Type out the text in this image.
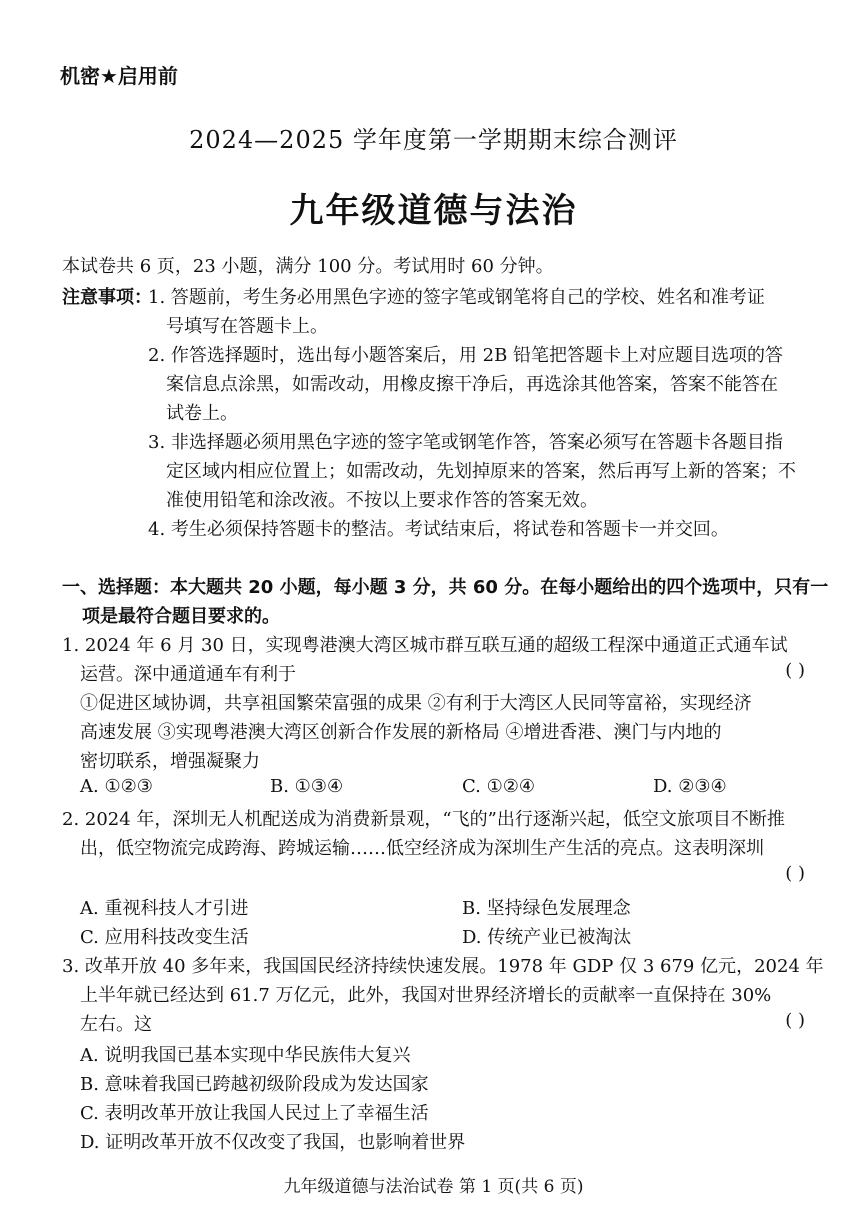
机密★启用前
2024—2025 学年度第一学期期末综合测评
九年级道德与法治
本试卷共 6 页，23 小题，满分 100 分。考试用时 60 分钟。
注意事项：
1. 答题前，考生务必用黑色字迹的签字笔或钢笔将自己的学校、姓名和准考证
号填写在答题卡上。
2. 作答选择题时，选出每小题答案后，用 2B 铅笔把答题卡上对应题目选项的答
案信息点涂黑，如需改动，用橡皮擦干净后，再选涂其他答案，答案不能答在
试卷上。
3. 非选择题必须用黑色字迹的签字笔或钢笔作答，答案必须写在答题卡各题目指
定区域内相应位置上；如需改动，先划掉原来的答案，然后再写上新的答案；不
准使用铅笔和涂改液。不按以上要求作答的答案无效。
4. 考生必须保持答题卡的整洁。考试结束后，将试卷和答题卡一并交回。
一、选择题：本大题共 20 小题，每小题 3 分，共 60 分。在每小题给出的四个选项中，只有一
项是最符合题目要求的。
1. 2024 年 6 月 30 日，实现粤港澳大湾区城市群互联互通的超级工程深中通道正式通车试
运营。深中通道通车有利于	( )
①促进区域协调，共享祖国繁荣富强的成果 ②有利于大湾区人民同等富裕，实现经济
高速发展 ③实现粤港澳大湾区创新合作发展的新格局 ④增进香港、澳门与内地的
密切联系，增强凝聚力
A. ①②③	B. ①③④	C. ①②④	D. ②③④
2. 2024 年，深圳无人机配送成为消费新景观，“飞的”出行逐渐兴起，低空文旅项目不断推
出，低空物流完成跨海、跨城运输……低空经济成为深圳生产生活的亮点。这表明深圳
( )
A. 重视科技人才引进	B. 坚持绿色发展理念
C. 应用科技改变生活	D. 传统产业已被淘汰
3. 改革开放 40 多年来，我国国民经济持续快速发展。1978 年 GDP 仅 3 679 亿元，2024 年
上半年就已经达到 61.7 万亿元，此外，我国对世界经济增长的贡献率一直保持在 30%
左右。这	( )
A. 说明我国已基本实现中华民族伟大复兴
B. 意味着我国已跨越初级阶段成为发达国家
C. 表明改革开放让我国人民过上了幸福生活
D. 证明改革开放不仅改变了我国，也影响着世界
九年级道德与法治试卷 第 1 页(共 6 页)
